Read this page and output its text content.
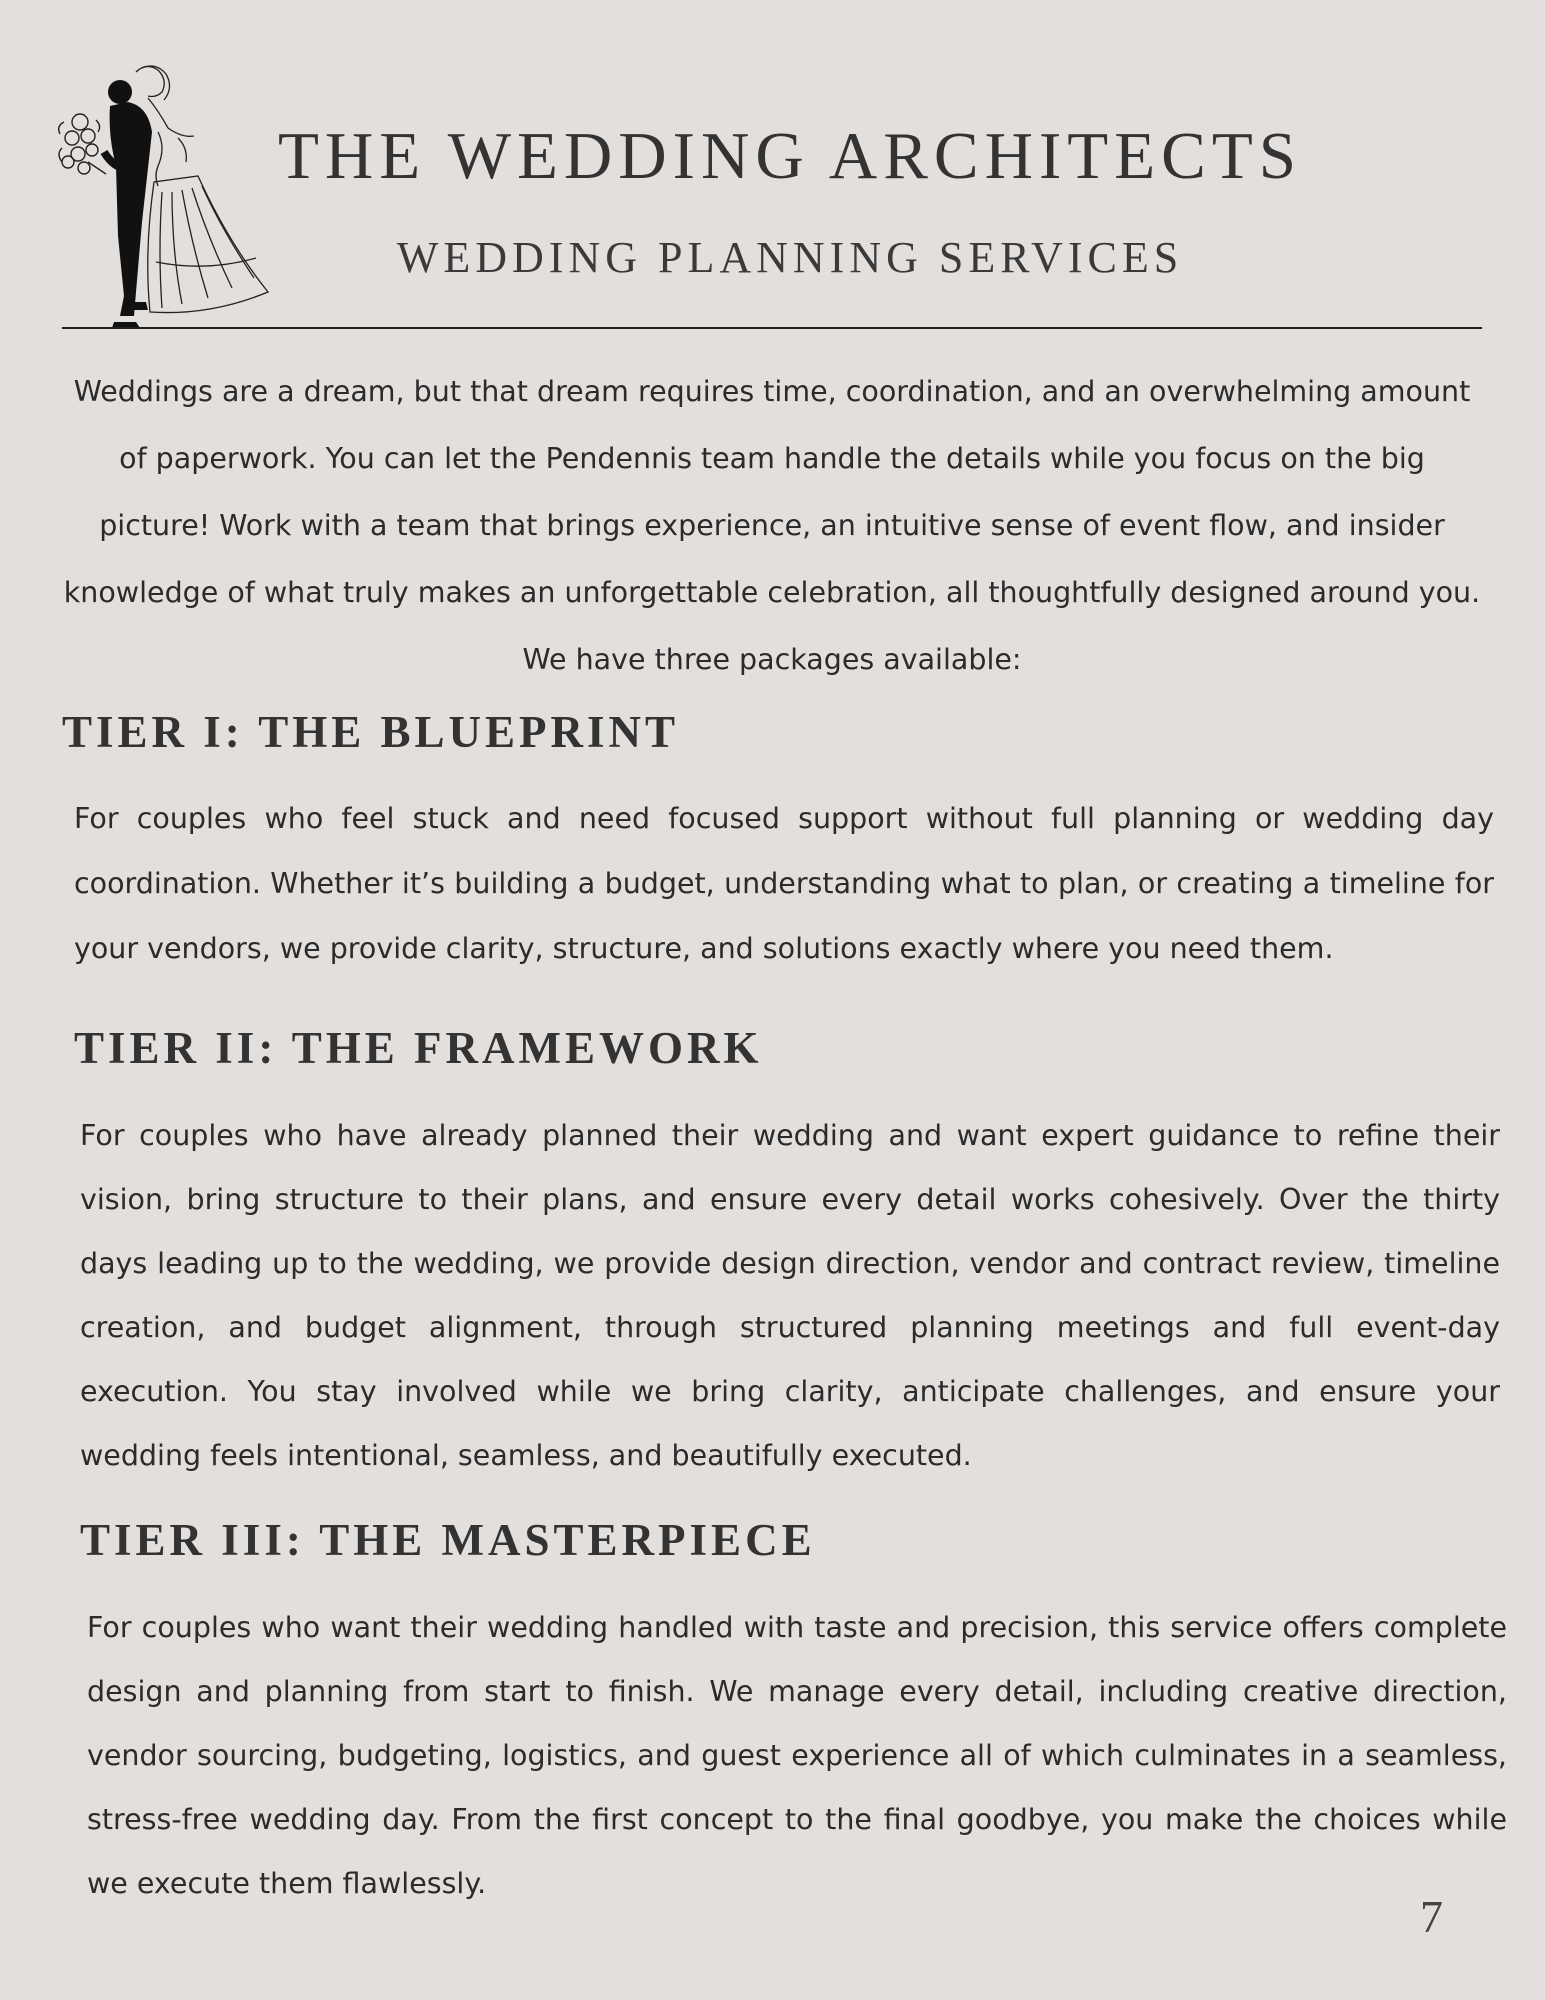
THE WEDDING ARCHITECTS
WEDDING PLANNING SERVICES

Weddings are a dream, but that dream requires time, coordination, and an overwhelming amount of paperwork. You can let the Pendennis team handle the details while you focus on the big picture! Work with a team that brings experience, an intuitive sense of event flow, and insider knowledge of what truly makes an unforgettable celebration, all thoughtfully designed around you.

We have three packages available:

TIER I: THE BLUEPRINT

For couples who feel stuck and need focused support without full planning or wedding day coordination. Whether it’s building a budget, understanding what to plan, or creating a timeline for your vendors, we provide clarity, structure, and solutions exactly where you need them.

TIER II: THE FRAMEWORK

For couples who have already planned their wedding and want expert guidance to refine their vision, bring structure to their plans, and ensure every detail works cohesively. Over the thirty days leading up to the wedding, we provide design direction, vendor and contract review, timeline creation, and budget alignment, through structured planning meetings and full event-day execution. You stay involved while we bring clarity, anticipate challenges, and ensure your wedding feels intentional, seamless, and beautifully executed.

TIER III: THE MASTERPIECE

For couples who want their wedding handled with taste and precision, this service offers complete design and planning from start to finish. We manage every detail, including creative direction, vendor sourcing, budgeting, logistics, and guest experience all of which culminates in a seamless, stress-free wedding day. From the first concept to the final goodbye, you make the choices while we execute them flawlessly.

7
